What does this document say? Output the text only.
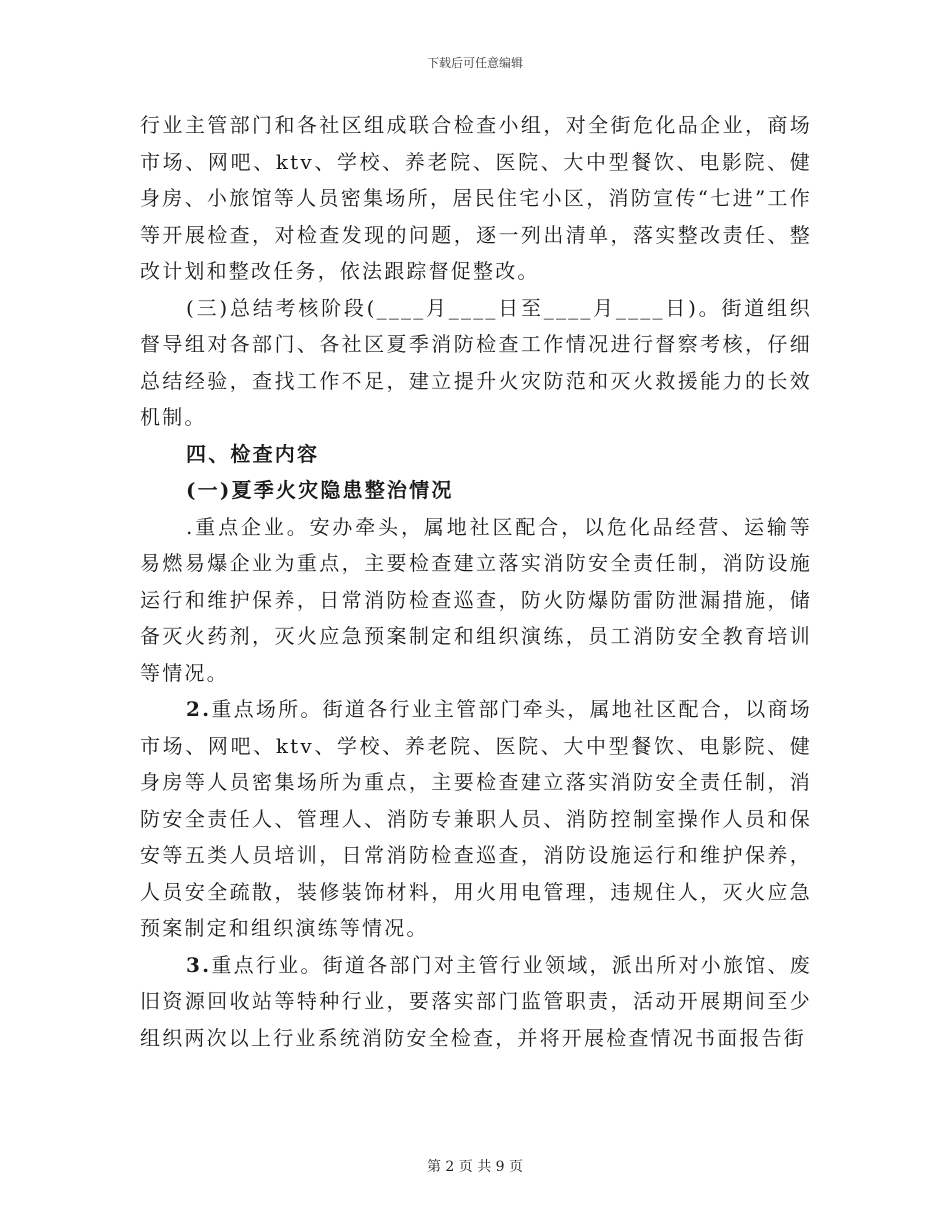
下载后可任意编辑

行业主管部门和各社区组成联合检查小组，对全街危化品企业，商场市场、网吧、ktv、学校、养老院、医院、大中型餐饮、电影院、健身房、小旅馆等人员密集场所，居民住宅小区，消防宣传“七进”工作等开展检查，对检查发现的问题，逐一列出清单，落实整改责任、整改计划和整改任务，依法跟踪督促整改。

(三)总结考核阶段(____月____日至____月____日)。街道组织督导组对各部门、各社区夏季消防检查工作情况进行督察考核，仔细总结经验，查找工作不足，建立提升火灾防范和灭火救援能力的长效机制。

四、检查内容

(一)夏季火灾隐患整治情况

.重点企业。安办牵头，属地社区配合，以危化品经营、运输等易燃易爆企业为重点，主要检查建立落实消防安全责任制，消防设施运行和维护保养，日常消防检查巡查，防火防爆防雷防泄漏措施，储备灭火药剂，灭火应急预案制定和组织演练，员工消防安全教育培训等情况。

2.重点场所。街道各行业主管部门牵头，属地社区配合，以商场市场、网吧、ktv、学校、养老院、医院、大中型餐饮、电影院、健身房等人员密集场所为重点，主要检查建立落实消防安全责任制，消防安全责任人、管理人、消防专兼职人员、消防控制室操作人员和保安等五类人员培训，日常消防检查巡查，消防设施运行和维护保养，人员安全疏散，装修装饰材料，用火用电管理，违规住人，灭火应急预案制定和组织演练等情况。

3.重点行业。街道各部门对主管行业领域，派出所对小旅馆、废旧资源回收站等特种行业，要落实部门监管职责，活动开展期间至少组织两次以上行业系统消防安全检查，并将开展检查情况书面报告街

第 2 页 共 9 页
